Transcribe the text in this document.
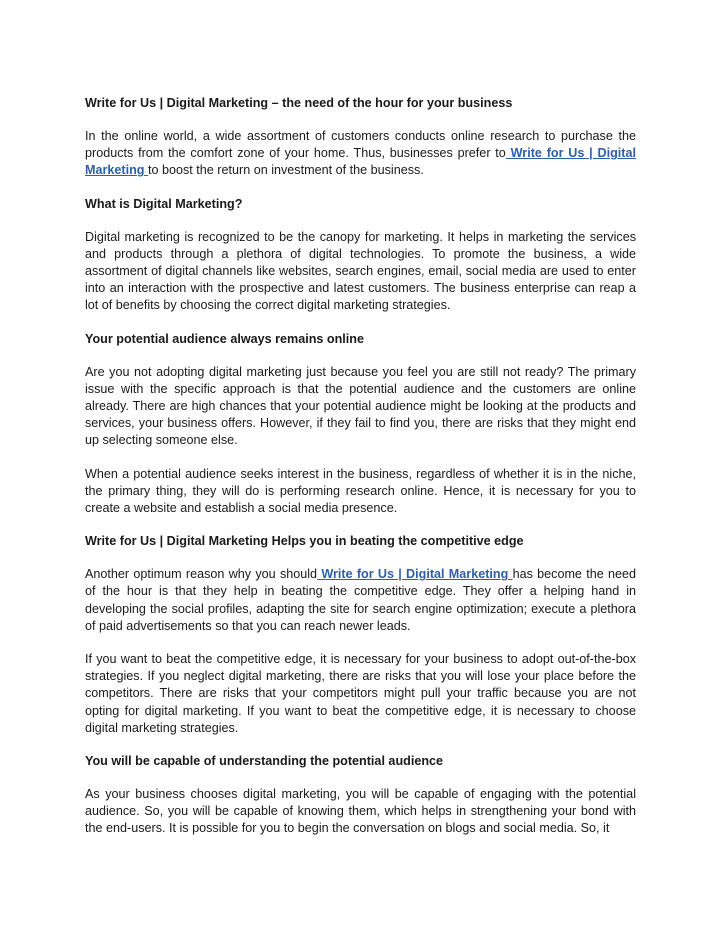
Write for Us | Digital Marketing – the need of the hour for your business

In the online world, a wide assortment of customers conducts online research to purchase the products from the comfort zone of your home. Thus, businesses prefer to Write for Us | Digital Marketing to boost the return on investment of the business.

What is Digital Marketing?

Digital marketing is recognized to be the canopy for marketing. It helps in marketing the services and products through a plethora of digital technologies. To promote the business, a wide assortment of digital channels like websites, search engines, email, social media are used to enter into an interaction with the prospective and latest customers. The business enterprise can reap a lot of benefits by choosing the correct digital marketing strategies.

Your potential audience always remains online

Are you not adopting digital marketing just because you feel you are still not ready? The primary issue with the specific approach is that the potential audience and the customers are online already. There are high chances that your potential audience might be looking at the products and services, your business offers. However, if they fail to find you, there are risks that they might end up selecting someone else.

When a potential audience seeks interest in the business, regardless of whether it is in the niche, the primary thing, they will do is performing research online. Hence, it is necessary for you to create a website and establish a social media presence.

Write for Us | Digital Marketing Helps you in beating the competitive edge

Another optimum reason why you should Write for Us | Digital Marketing has become the need of the hour is that they help in beating the competitive edge. They offer a helping hand in developing the social profiles, adapting the site for search engine optimization; execute a plethora of paid advertisements so that you can reach newer leads.

If you want to beat the competitive edge, it is necessary for your business to adopt out-of-the-box strategies. If you neglect digital marketing, there are risks that you will lose your place before the competitors. There are risks that your competitors might pull your traffic because you are not opting for digital marketing. If you want to beat the competitive edge, it is necessary to choose digital marketing strategies.

You will be capable of understanding the potential audience

As your business chooses digital marketing, you will be capable of engaging with the potential audience. So, you will be capable of knowing them, which helps in strengthening your bond with the end-users. It is possible for you to begin the conversation on blogs and social media. So, it
